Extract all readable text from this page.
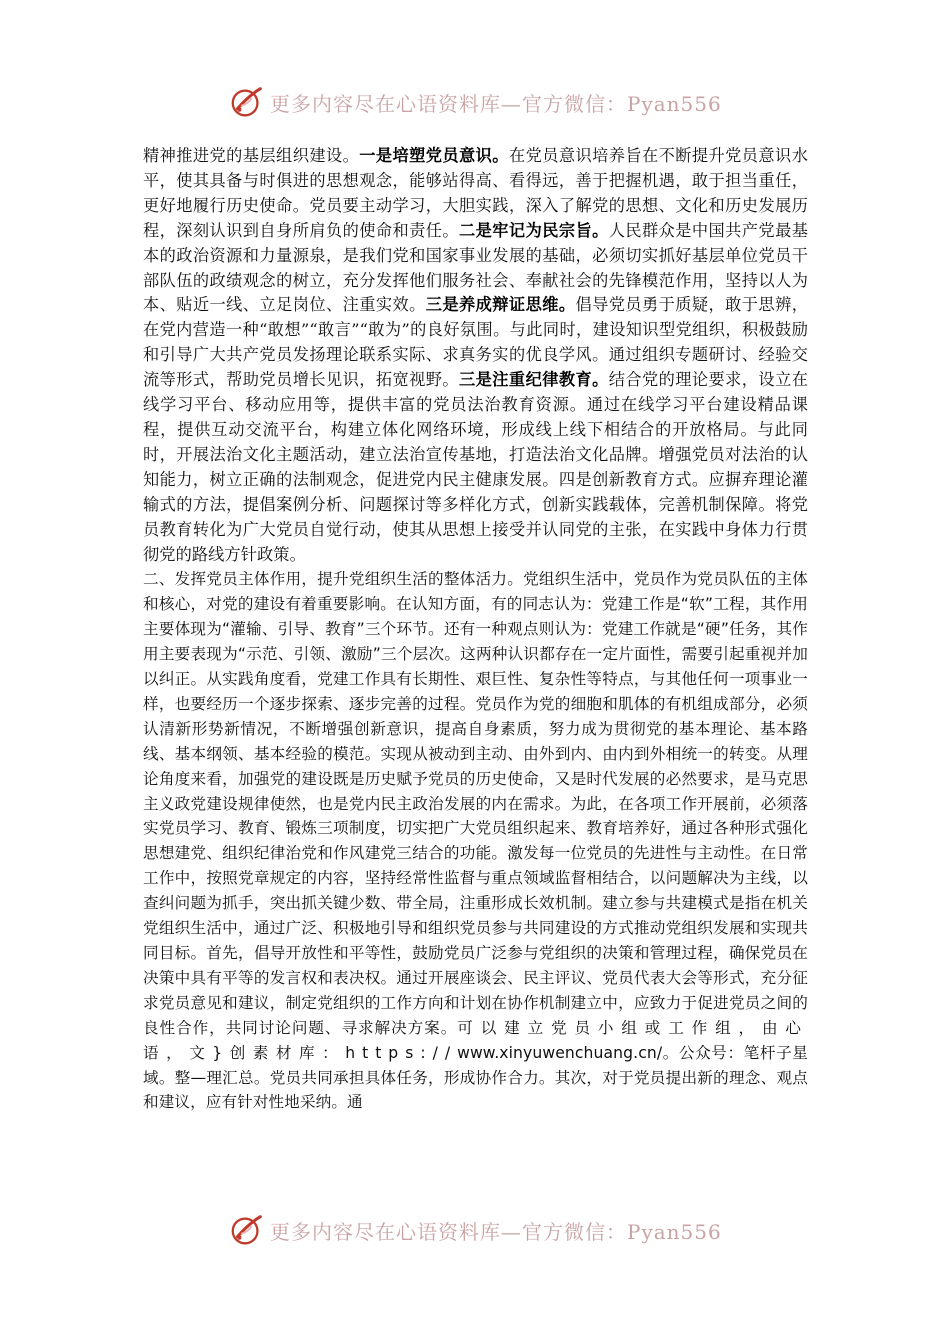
更多内容尽在心语资料库—官方微信：Pyan556

精神推进党的基层组织建设。一是培塑党员意识。在党员意识培养旨在不断提升党员意识水平，使其具备与时俱进的思想观念，能够站得高、看得远，善于把握机遇，敢于担当重任，更好地履行历史使命。党员要主动学习，大胆实践，深入了解党的思想、文化和历史发展历程，深刻认识到自身所肩负的使命和责任。二是牢记为民宗旨。人民群众是中国共产党最基本的政治资源和力量源泉，是我们党和国家事业发展的基础，必须切实抓好基层单位党员干部队伍的政绩观念的树立，充分发挥他们服务社会、奉献社会的先锋模范作用，坚持以人为本、贴近一线、立足岗位、注重实效。三是养成辩证思维。倡导党员勇于质疑，敢于思辨，在党内营造一种“敢想”“敢言”“敢为”的良好氛围。与此同时，建设知识型党组织，积极鼓励和引导广大共产党员发扬理论联系实际、求真务实的优良学风。通过组织专题研讨、经验交流等形式，帮助党员增长见识，拓宽视野。三是注重纪律教育。结合党的理论要求，设立在线学习平台、移动应用等，提供丰富的党员法治教育资源。通过在线学习平台建设精品课程，提供互动交流平台，构建立体化网络环境，形成线上线下相结合的开放格局。与此同时，开展法治文化主题活动，建立法治宣传基地，打造法治文化品牌。增强党员对法治的认知能力，树立正确的法制观念，促进党内民主健康发展。四是创新教育方式。应摒弃理论灌输式的方法，提倡案例分析、问题探讨等多样化方式，创新实践载体，完善机制保障。将党员教育转化为广大党员自觉行动，使其从思想上接受并认同党的主张，在实践中身体力行贯彻党的路线方针政策。

二、发挥党员主体作用，提升党组织生活的整体活力。党组织生活中，党员作为党员队伍的主体和核心，对党的建设有着重要影响。在认知方面，有的同志认为：党建工作是“软”工程，其作用主要体现为“灌输、引导、教育”三个环节。还有一种观点则认为：党建工作就是“硬”任务，其作用主要表现为“示范、引领、激励”三个层次。这两种认识都存在一定片面性，需要引起重视并加以纠正。从实践角度看，党建工作具有长期性、艰巨性、复杂性等特点，与其他任何一项事业一样，也要经历一个逐步探索、逐步完善的过程。党员作为党的细胞和肌体的有机组成部分，必须认清新形势新情况，不断增强创新意识，提高自身素质，努力成为贯彻党的基本理论、基本路线、基本纲领、基本经验的模范。实现从被动到主动、由外到内、由内到外相统一的转变。从理论角度来看，加强党的建设既是历史赋予党员的历史使命，又是时代发展的必然要求，是马克思主义政党建设规律使然，也是党内民主政治发展的内在需求。为此，在各项工作开展前，必须落实党员学习、教育、锻炼三项制度，切实把广大党员组织起来、教育培养好，通过各种形式强化思想建党、组织纪律治党和作风建党三结合的功能。激发每一位党员的先进性与主动性。在日常工作中，按照党章规定的内容，坚持经常性监督与重点领域监督相结合，以问题解决为主线，以查纠问题为抓手，突出抓关键少数、带全局，注重形成长效机制。建立参与共建模式是指在机关党组织生活中，通过广泛、积极地引导和组织党员参与共同建设的方式推动党组织发展和实现共同目标。首先，倡导开放性和平等性，鼓励党员广泛参与党组织的决策和管理过程，确保党员在决策中具有平等的发言权和表决权。通过开展座谈会、民主评议、党员代表大会等形式，充分征求党员意见和建议，制定党组织的工作方向和计划在协作机制建立中，应致力于促进党员之间的良性合作，共同讨论问题、寻求解决方案。可以建立党员小组或工作组，由心语，文}创素材库：https://www.xinyuwenchuang.cn/。公众号：笔杆子星域。整—理汇总。党员共同承担具体任务，形成协作合力。其次，对于党员提出新的理念、观点和建议，应有针对性地采纳。通

更多内容尽在心语资料库—官方微信：Pyan556
